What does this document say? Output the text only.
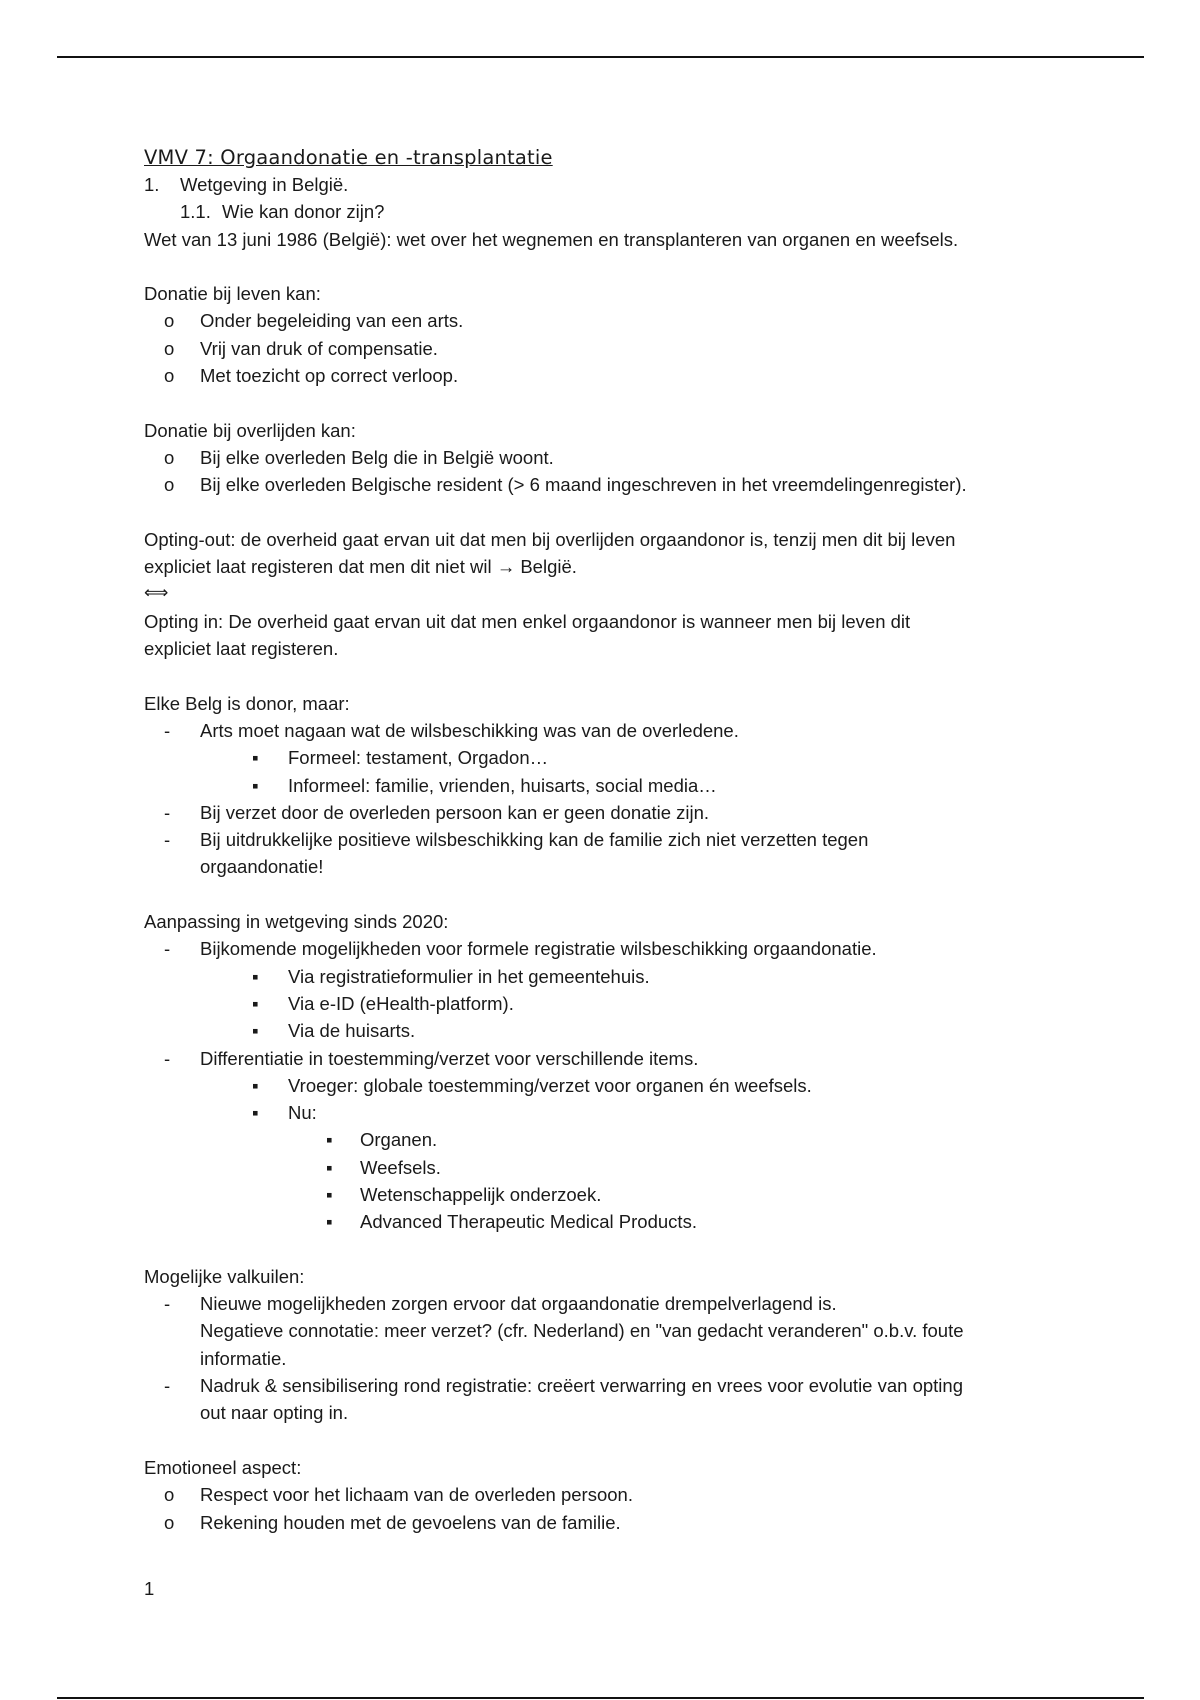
VMV 7: Orgaandonatie en -transplantatie
1. Wetgeving in België.
1.1. Wie kan donor zijn?
Wet van 13 juni 1986 (België): wet over het wegnemen en transplanteren van organen en weefsels.
Donatie bij leven kan:
o Onder begeleiding van een arts.
o Vrij van druk of compensatie.
o Met toezicht op correct verloop.
Donatie bij overlijden kan:
o Bij elke overleden Belg die in Belgiё woont.
o Bij elke overleden Belgische resident (> 6 maand ingeschreven in het vreemdelingenregister).
Opting-out: de overheid gaat ervan uit dat men bij overlijden orgaandonor is, tenzij men dit bij leven
expliciet laat registeren dat men dit niet wil → België.
⟺
Opting in: De overheid gaat ervan uit dat men enkel orgaandonor is wanneer men bij leven dit
expliciet laat registeren.
Elke Belg is donor, maar:
- Arts moet nagaan wat de wilsbeschikking was van de overledene.
▪ Formeel: testament, Orgadon…
▪ Informeel: familie, vrienden, huisarts, social media…
- Bij verzet door de overleden persoon kan er geen donatie zijn.
- Bij uitdrukkelijke positieve wilsbeschikking kan de familie zich niet verzetten tegen
orgaandonatie!
Aanpassing in wetgeving sinds 2020:
- Bijkomende mogelijkheden voor formele registratie wilsbeschikking orgaandonatie.
▪ Via registratieformulier in het gemeentehuis.
▪ Via e-ID (eHealth-platform).
▪ Via de huisarts.
- Differentiatie in toestemming/verzet voor verschillende items.
▪ Vroeger: globale toestemming/verzet voor organen én weefsels.
▪ Nu:
▪ Organen.
▪ Weefsels.
▪ Wetenschappelijk onderzoek.
▪ Advanced Therapeutic Medical Products.
Mogelijke valkuilen:
- Nieuwe mogelijkheden zorgen ervoor dat orgaandonatie drempelverlagend is.
Negatieve connotatie: meer verzet? (cfr. Nederland) en "van gedacht veranderen" o.b.v. foute
informatie.
- Nadruk & sensibilisering rond registratie: creëert verwarring en vrees voor evolutie van opting
out naar opting in.
Emotioneel aspect:
o Respect voor het lichaam van de overleden persoon.
o Rekening houden met de gevoelens van de familie.
1
